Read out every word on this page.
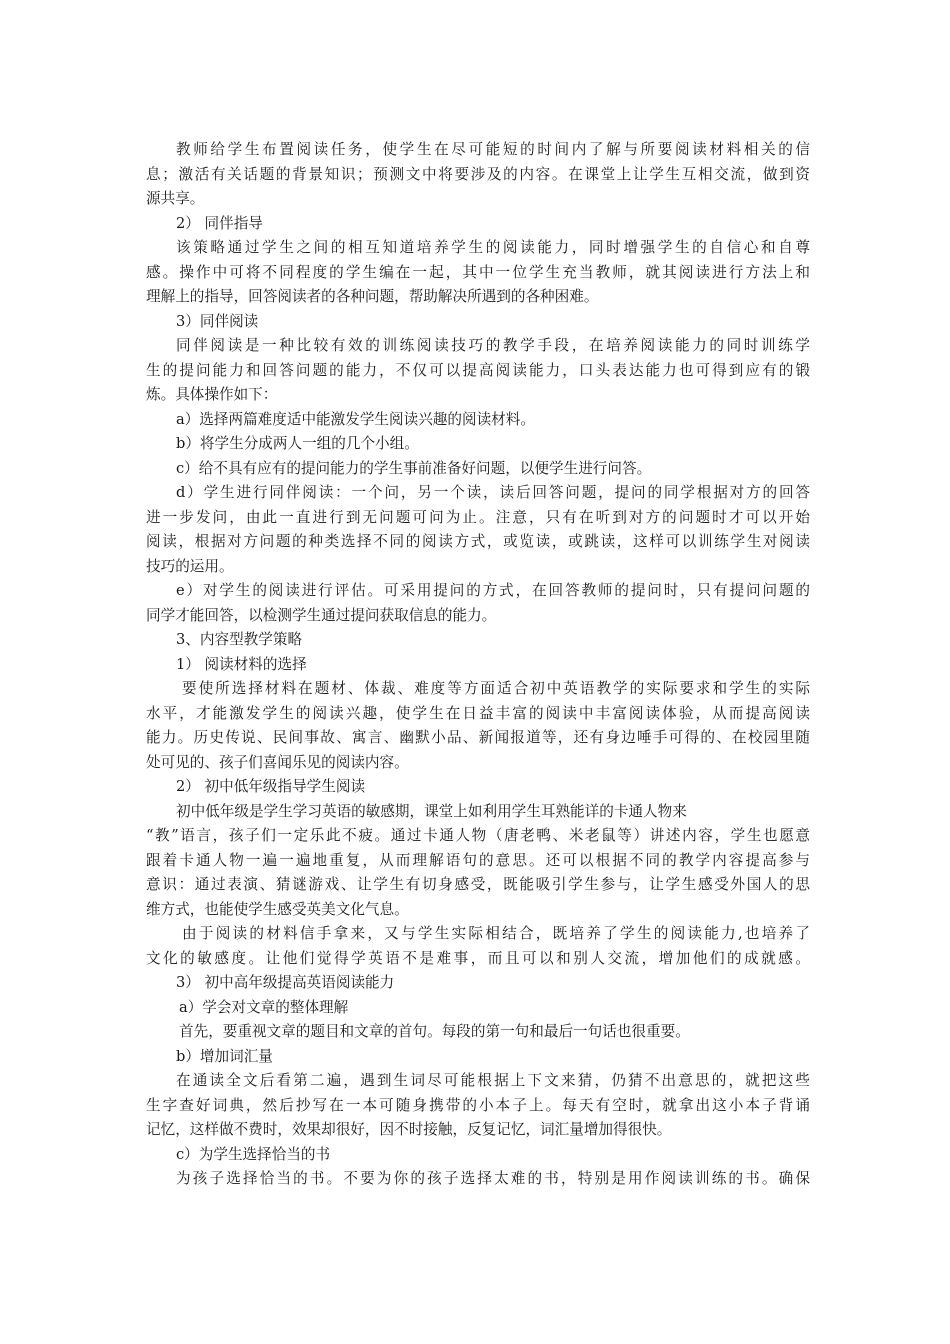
教师给学生布置阅读任务，使学生在尽可能短的时间内了解与所要阅读材料相关的信
息；激活有关话题的背景知识；预测文中将要涉及的内容。在课堂上让学生互相交流，做到资
源共享。
2） 同伴指导
该策略通过学生之间的相互知道培养学生的阅读能力，同时增强学生的自信心和自尊
感。操作中可将不同程度的学生编在一起，其中一位学生充当教师，就其阅读进行方法上和
理解上的指导，回答阅读者的各种问题，帮助解决所遇到的各种困难。
3）同伴阅读
同伴阅读是一种比较有效的训练阅读技巧的教学手段，在培养阅读能力的同时训练学
生的提问能力和回答问题的能力，不仅可以提高阅读能力，口头表达能力也可得到应有的锻
炼。具体操作如下：
a）选择两篇难度适中能激发学生阅读兴趣的阅读材料。
b）将学生分成两人一组的几个小组。
c）给不具有应有的提问能力的学生事前准备好问题，以便学生进行问答。
d）学生进行同伴阅读：一个问，另一个读，读后回答问题，提问的同学根据对方的回答
进一步发问，由此一直进行到无问题可问为止。注意，只有在听到对方的问题时才可以开始
阅读，根据对方问题的种类选择不同的阅读方式，或览读，或跳读，这样可以训练学生对阅读
技巧的运用。
e）对学生的阅读进行评估。可采用提问的方式，在回答教师的提问时，只有提问问题的
同学才能回答，以检测学生通过提问获取信息的能力。
3、内容型教学策略
1） 阅读材料的选择
要使所选择材料在题材、体裁、难度等方面适合初中英语教学的实际要求和学生的实际
水平，才能激发学生的阅读兴趣，使学生在日益丰富的阅读中丰富阅读体验，从而提高阅读
能力。历史传说、民间事故、寓言、幽默小品、新闻报道等，还有身边唾手可得的、在校园里随
处可见的、孩子们喜闻乐见的阅读内容。
2） 初中低年级指导学生阅读
初中低年级是学生学习英语的敏感期，课堂上如利用学生耳熟能详的卡通人物来
“教”语言，孩子们一定乐此不疲。通过卡通人物（唐老鸭、米老鼠等）讲述内容，学生也愿意
跟着卡通人物一遍一遍地重复，从而理解语句的意思。还可以根据不同的教学内容提高参与
意识：通过表演、猜谜游戏、让学生有切身感受，既能吸引学生参与，让学生感受外国人的思
维方式，也能使学生感受英美文化气息。
由于阅读的材料信手拿来，又与学生实际相结合，既培养了学生的阅读能力,也培养了
文化的敏感度。让他们觉得学英语不是难事，而且可以和别人交流，增加他们的成就感。
3） 初中高年级提高英语阅读能力
a）学会对文章的整体理解
首先，要重视文章的题目和文章的首句。每段的第一句和最后一句话也很重要。
b）增加词汇量
在通读全文后看第二遍，遇到生词尽可能根据上下文来猜，仍猜不出意思的，就把这些
生字查好词典，然后抄写在一本可随身携带的小本子上。每天有空时，就拿出这小本子背诵
记忆，这样做不费时，效果却很好，因不时接触，反复记忆，词汇量增加得很快。
c）为学生选择恰当的书
为孩子选择恰当的书。不要为你的孩子选择太难的书，特别是用作阅读训练的书。确保
